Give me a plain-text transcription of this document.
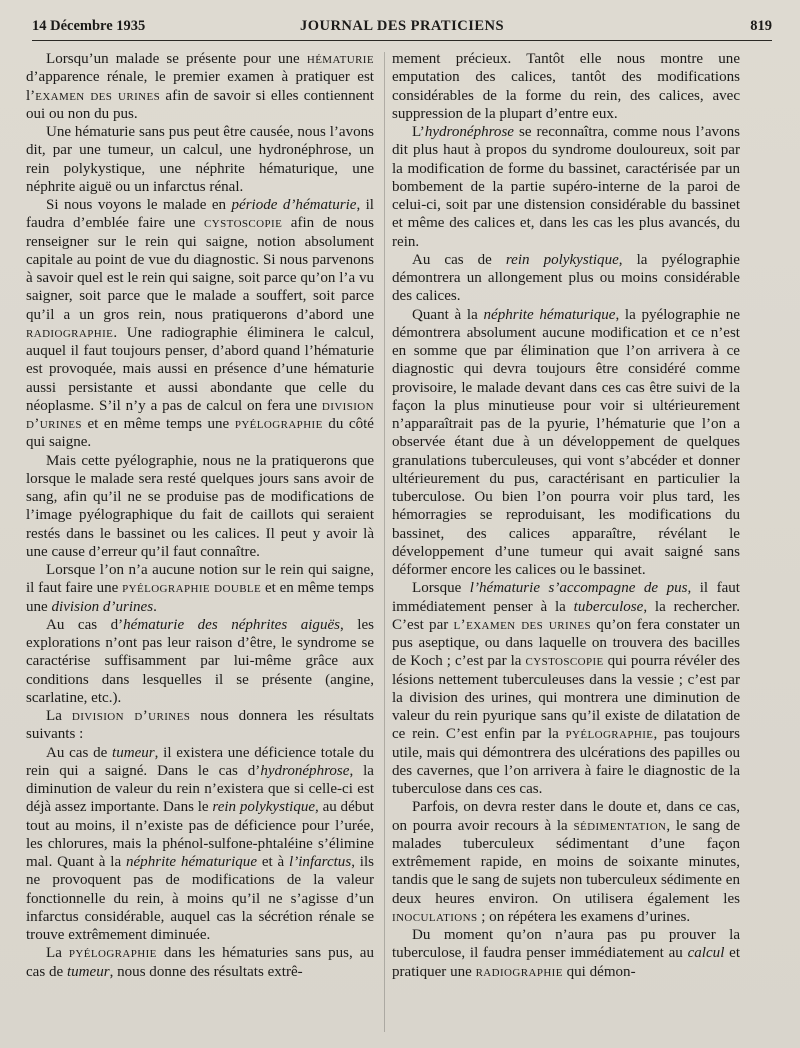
14 Décembre 1935	JOURNAL DES PRATICIENS	819

Lorsqu’un malade se présente pour une hématurie d’apparence rénale, le premier examen à pratiquer est l’examen des urines afin de savoir si elles contiennent oui ou non du pus.

Une hématurie sans pus peut être causée, nous l’avons dit, par une tumeur, un calcul, une hydronéphrose, un rein polykystique, une néphrite hématurique, une néphrite aiguë ou un infarctus rénal.

Si nous voyons le malade en période d’hématurie, il faudra d’emblée faire une cystoscopie afin de nous renseigner sur le rein qui saigne, notion absolument capitale au point de vue du diagnostic. Si nous parvenons à savoir quel est le rein qui saigne, soit parce qu’on l’a vu saigner, soit parce que le malade a souffert, soit parce qu’il a un gros rein, nous pratiquerons d’abord une radiographie. Une radiographie éliminera le calcul, auquel il faut toujours penser, d’abord quand l’hématurie est provoquée, mais aussi en présence d’une hématurie aussi persistante et aussi abondante que celle du néoplasme. S’il n’y a pas de calcul on fera une division d’urines et en même temps une pyélographie du côté qui saigne.

Mais cette pyélographie, nous ne la pratiquerons que lorsque le malade sera resté quelques jours sans avoir de sang, afin qu’il ne se produise pas de modifications de l’image pyélographique du fait de caillots qui seraient restés dans le bassinet ou les calices. Il peut y avoir là une cause d’erreur qu’il faut connaître.

Lorsque l’on n’a aucune notion sur le rein qui saigne, il faut faire une pyélographie double et en même temps une division d’urines.

Au cas d’hématurie des néphrites aiguës, les explorations n’ont pas leur raison d’être, le syndrome se caractérise suffisamment par lui-même grâce aux conditions dans lesquelles il se présente (angine, scarlatine, etc.).

La division d’urines nous donnera les résultats suivants :

Au cas de tumeur, il existera une déficience totale du rein qui a saigné. Dans le cas d’hydronéphrose, la diminution de valeur du rein n’existera que si celle-ci est déjà assez importante. Dans le rein polykystique, au début tout au moins, il n’existe pas de déficience pour l’urée, les chlorures, mais la phénol-sulfone-phtaléine s’élimine mal. Quant à la néphrite hématurique et à l’infarctus, ils ne provoquent pas de modifications de la valeur fonctionnelle du rein, à moins qu’il ne s’agisse d’un infarctus considérable, auquel cas la sécrétion rénale se trouve extrêmement diminuée.

La pyélographie dans les hématuries sans pus, au cas de tumeur, nous donne des résultats extrê-

mement précieux. Tantôt elle nous montre une emputation des calices, tantôt des modifications considérables de la forme du rein, des calices, avec suppression de la plupart d’entre eux.

L’hydronéphrose se reconnaîtra, comme nous l’avons dit plus haut à propos du syndrome douloureux, soit par la modification de forme du bassinet, caractérisée par un bombement de la partie supéro-interne de la paroi de celui-ci, soit par une distension considérable du bassinet et même des calices et, dans les cas les plus avancés, du rein.

Au cas de rein polykystique, la pyélographie démontrera un allongement plus ou moins considérable des calices.

Quant à la néphrite hématurique, la pyélographie ne démontrera absolument aucune modification et ce n’est en somme que par élimination que l’on arrivera à ce diagnostic qui devra toujours être considéré comme provisoire, le malade devant dans ces cas être suivi de la façon la plus minutieuse pour voir si ultérieurement n’apparaîtrait pas de la pyurie, l’hématurie que l’on a observée étant due à un développement de quelques granulations tuberculeuses, qui vont s’abcéder et donner ultérieurement du pus, caractérisant en particulier la tuberculose. Ou bien l’on pourra voir plus tard, les hémorragies se reproduisant, les modifications du bassinet, des calices apparaître, révélant le développement d’une tumeur qui avait saigné sans déformer encore les calices ou le bassinet.

Lorsque l’hématurie s’accompagne de pus, il faut immédiatement penser à la tuberculose, la rechercher. C’est par l’examen des urines qu’on fera constater un pus aseptique, ou dans laquelle on trouvera des bacilles de Koch ; c’est par la cystoscopie qui pourra révéler des lésions nettement tuberculeuses dans la vessie ; c’est par la division des urines, qui montrera une diminution de valeur du rein pyurique sans qu’il existe de dilatation de ce rein. C’est enfin par la pyélographie, pas toujours utile, mais qui démontrera des ulcérations des papilles ou des cavernes, que l’on arrivera à faire le diagnostic de la tuberculose dans ces cas.

Parfois, on devra rester dans le doute et, dans ce cas, on pourra avoir recours à la sédimentation, le sang de malades tuberculeux sédimentant d’une façon extrêmement rapide, en moins de soixante minutes, tandis que le sang de sujets non tuberculeux sédimente en deux heures environ. On utilisera également les inoculations ; on répétera les examens d’urines.

Du moment qu’on n’aura pas pu prouver la tuberculose, il faudra penser immédiatement au calcul et pratiquer une radiographie qui démon-
